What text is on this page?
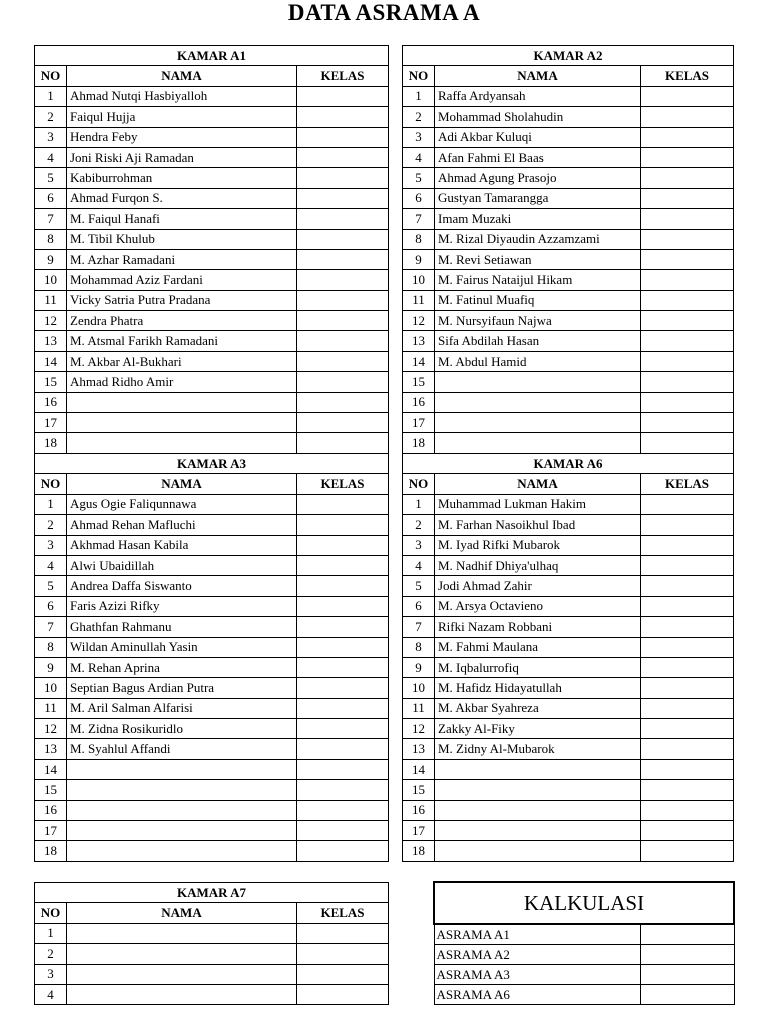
DATA ASRAMA A
KAMAR A1		
NO	NAMA	KELAS
1	Ahmad Nutqi Hasbiyalloh	
2	Faiqul Hujja	
3	Hendra Feby	
4	Joni Riski Aji Ramadan	
5	Kabiburrohman	
6	Ahmad Furqon S.	
7	M. Faiqul Hanafi	
8	M. Tibil Khulub	
9	M. Azhar Ramadani	
10	Mohammad Aziz Fardani	
11	Vicky Satria Putra Pradana	
12	Zendra Phatra	
13	M. Atsmal Farikh Ramadani	
14	M. Akbar Al-Bukhari	
15	Ahmad Ridho Amir	
16		
17		
18		
KAMAR A2		
NO	NAMA	KELAS
1	Raffa Ardyansah	
2	Mohammad Sholahudin	
3	Adi Akbar Kuluqi	
4	Afan Fahmi El Baas	
5	Ahmad Agung Prasojo	
6	Gustyan Tamarangga	
7	Imam Muzaki	
8	M. Rizal Diyaudin Azzamzami	
9	M. Revi Setiawan	
10	M. Fairus Nataijul Hikam	
11	M. Fatinul Muafiq	
12	M. Nursyifaun Najwa	
13	Sifa Abdilah Hasan	
14	M. Abdul Hamid	
15		
16		
17		
18		
KAMAR A3		
NO	NAMA	KELAS
1	Agus Ogie Faliqunnawa	
2	Ahmad Rehan Mafluchi	
3	Akhmad Hasan Kabila	
4	Alwi Ubaidillah	
5	Andrea Daffa Siswanto	
6	Faris Azizi Rifky	
7	Ghathfan Rahmanu	
8	Wildan Aminullah Yasin	
9	M. Rehan Aprina	
10	Septian Bagus Ardian Putra	
11	M. Aril Salman Alfarisi	
12	M. Zidna Rosikuridlo	
13	M. Syahlul Affandi	
14		
15		
16		
17		
18		
KAMAR A6		
NO	NAMA	KELAS
1	Muhammad Lukman Hakim	
2	M. Farhan Nasoikhul Ibad	
3	M. Iyad Rifki Mubarok	
4	M. Nadhif Dhiya'ulhaq	
5	Jodi Ahmad Zahir	
6	M. Arsya Octavieno	
7	Rifki Nazam Robbani	
8	M. Fahmi Maulana	
9	M. Iqbalurrofiq	
10	M. Hafidz Hidayatullah	
11	M. Akbar Syahreza	
12	Zakky Al-Fiky	
13	M. Zidny Al-Mubarok	
14		
15		
16		
17		
18		
KAMAR A7		
NO	NAMA	KELAS
1		
2		
3		
4		
KALKULASI	
ASRAMA A1	
ASRAMA A2	
ASRAMA A3	
ASRAMA A6	
